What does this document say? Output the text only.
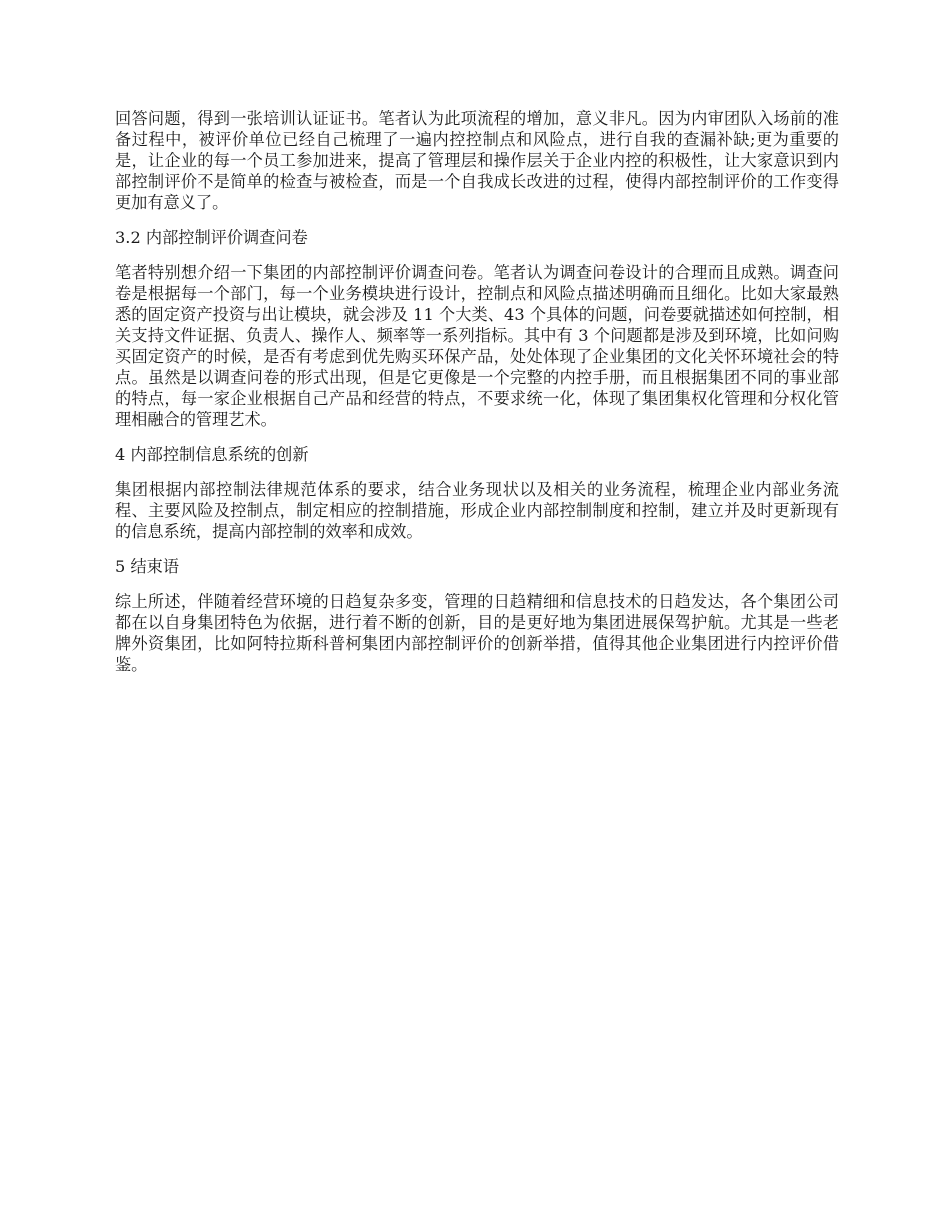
回答问题，得到一张培训认证证书。笔者认为此项流程的增加，意义非凡。因为内审团队入场前的准备过程中，被评价单位已经自己梳理了一遍内控控制点和风险点，进行自我的查漏补缺;更为重要的是，让企业的每一个员工参加进来，提高了管理层和操作层关于企业内控的积极性，让大家意识到内部控制评价不是简单的检查与被检查，而是一个自我成长改进的过程，使得内部控制评价的工作变得更加有意义了。

3.2 内部控制评价调查问卷

笔者特别想介绍一下集团的内部控制评价调查问卷。笔者认为调查问卷设计的合理而且成熟。调查问卷是根据每一个部门，每一个业务模块进行设计，控制点和风险点描述明确而且细化。比如大家最熟悉的固定资产投资与出让模块，就会涉及 11 个大类、43 个具体的问题，问卷要就描述如何控制，相关支持文件证据、负责人、操作人、频率等一系列指标。其中有 3 个问题都是涉及到环境，比如问购买固定资产的时候，是否有考虑到优先购买环保产品，处处体现了企业集团的文化关怀环境社会的特点。虽然是以调查问卷的形式出现，但是它更像是一个完整的内控手册，而且根据集团不同的事业部的特点，每一家企业根据自己产品和经营的特点，不要求统一化，体现了集团集权化管理和分权化管理相融合的管理艺术。

4 内部控制信息系统的创新

集团根据内部控制法律规范体系的要求，结合业务现状以及相关的业务流程，梳理企业内部业务流程、主要风险及控制点，制定相应的控制措施，形成企业内部控制制度和控制，建立并及时更新现有的信息系统，提高内部控制的效率和成效。

5 结束语

综上所述，伴随着经营环境的日趋复杂多变，管理的日趋精细和信息技术的日趋发达，各个集团公司都在以自身集团特色为依据，进行着不断的创新，目的是更好地为集团进展保驾护航。尤其是一些老牌外资集团，比如阿特拉斯科普柯集团内部控制评价的创新举措，值得其他企业集团进行内控评价借鉴。
